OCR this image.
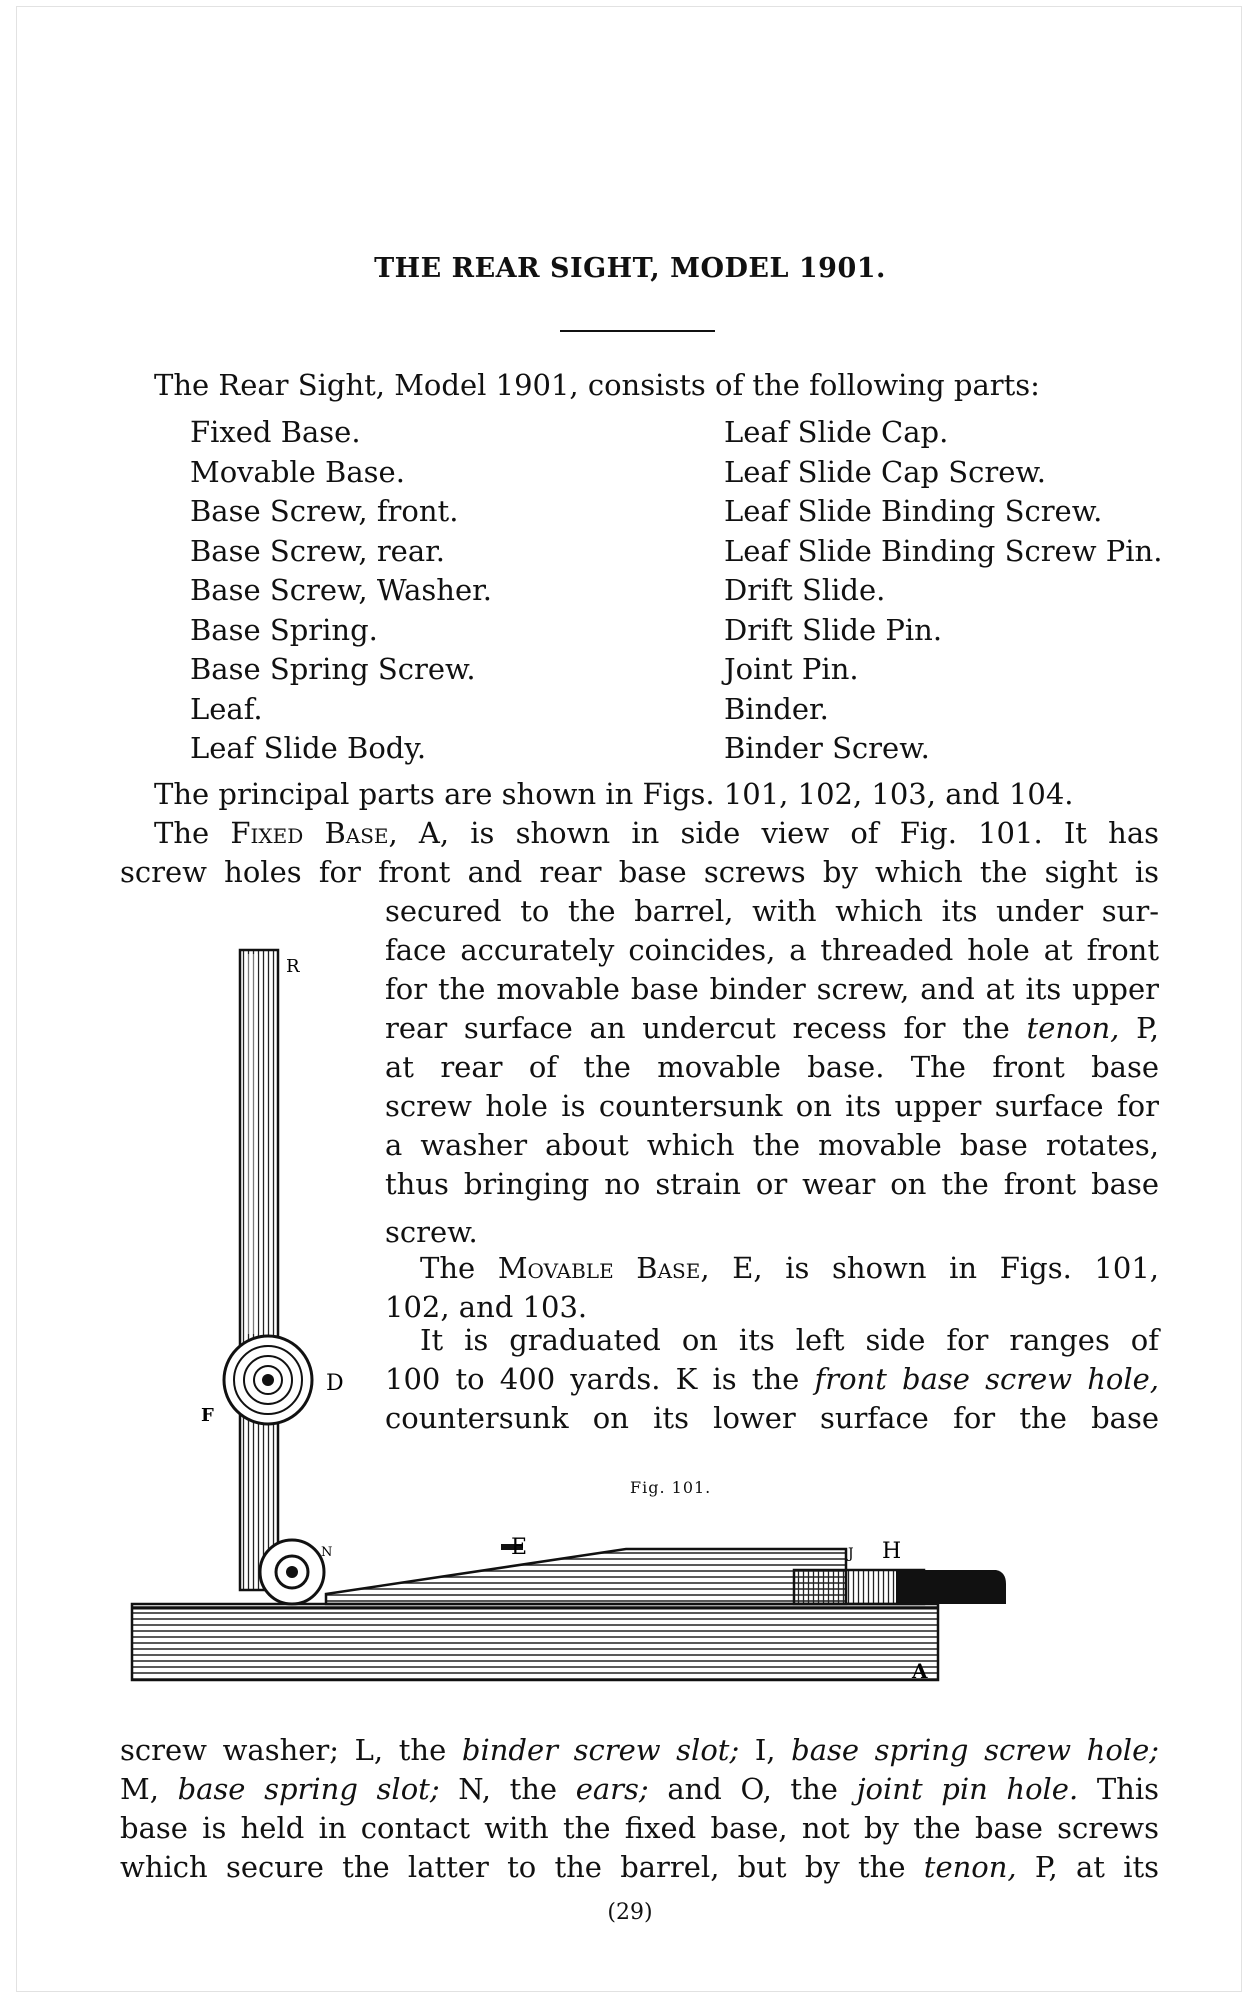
THE REAR SIGHT, MODEL 1901.
The Rear Sight, Model 1901, consists of the following parts:
Fixed Base.
Movable Base.
Base Screw, front.
Base Screw, rear.
Base Screw, Washer.
Base Spring.
Base Spring Screw.
Leaf.
Leaf Slide Body.
Leaf Slide Cap.
Leaf Slide Cap Screw.
Leaf Slide Binding Screw.
Leaf Slide Binding Screw Pin.
Drift Slide.
Drift Slide Pin.
Joint Pin.
Binder.
Binder Screw.
The principal parts are shown in Figs. 101, 102, 103, and 104.
The Fixed Base, A, is shown in side view of Fig. 101. It has
screw holes for front and rear base screws by which the sight is
secured to the barrel, with which its under sur-
face accurately coincides, a threaded hole at front
for the movable base binder screw, and at its upper
rear surface an undercut recess for the tenon, P,
at rear of the movable base. The front base
screw hole is countersunk on its upper surface for
a washer about which the movable base rotates,
thus bringing no strain or wear on the front base
screw.
The Movable Base, E, is shown in Figs. 101,
102, and 103.
It is graduated on its left side for ranges of
100 to 400 yards. K is the front base screw hole,
countersunk on its lower surface for the base
Fig. 101.
R
D
F
N	E	J H
A
screw washer; L, the binder screw slot; I, base spring screw hole;
M, base spring slot; N, the ears; and O, the joint pin hole. This
base is held in contact with the fixed base, not by the base screws
which secure the latter to the barrel, but by the tenon, P, at its
(29)
